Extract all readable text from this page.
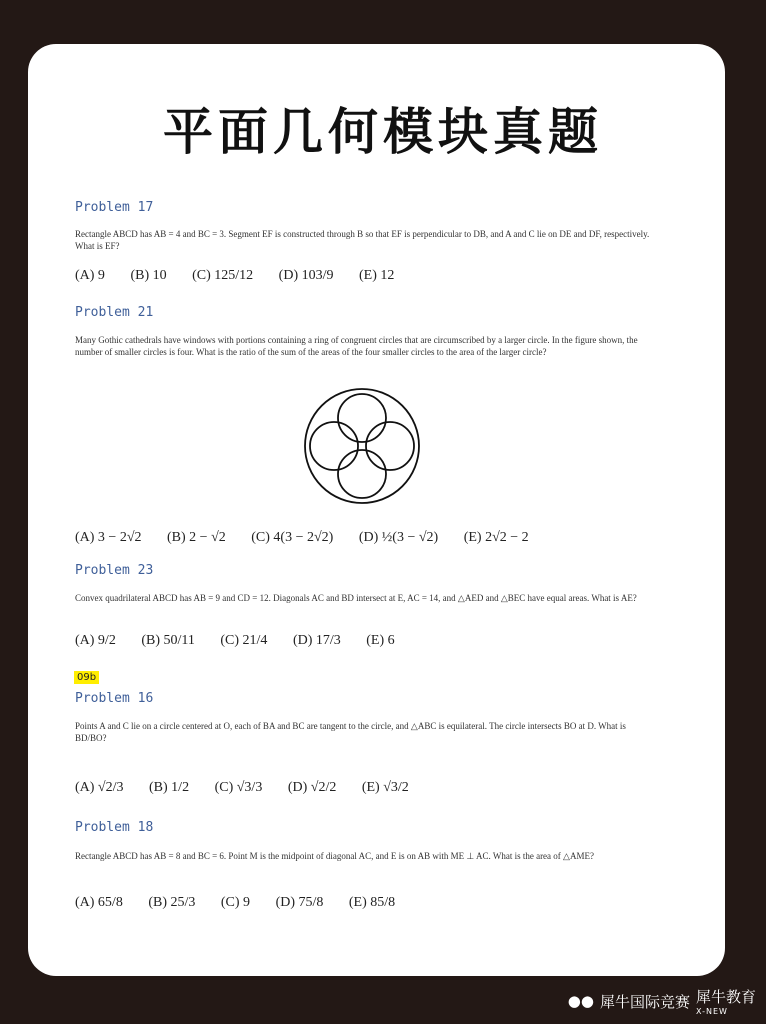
平面几何模块真题
Problem 17
Rectangle ABCD has AB = 4 and BC = 3. Segment EF is constructed through B so that EF is perpendicular to DB, and A and C lie on DE and DF, respectively. What is EF?
(A) 9 (B) 10 (C) 125/12 (D) 103/9 (E) 12
Problem 21
Many Gothic cathedrals have windows with portions containing a ring of congruent circles that are circumscribed by a larger circle. In the figure shown, the number of smaller circles is four. What is the ratio of the sum of the areas of the four smaller circles to the area of the larger circle?
(A) 3 − 2√2 (B) 2 − √2 (C) 4(3 − 2√2) (D) ½(3 − √2) (E) 2√2 − 2
Problem 23
Convex quadrilateral ABCD has AB = 9 and CD = 12. Diagonals AC and BD intersect at E, AC = 14, and △AED and △BEC have equal areas. What is AE?
(A) 9/2 (B) 50/11 (C) 21/4 (D) 17/3 (E) 6
09b
Problem 16
Points A and C lie on a circle centered at O, each of BA and BC are tangent to the circle, and △ABC is equilateral. The circle intersects BO at D. What is BD/BO?
(A) √2/3 (B) 1/2 (C) √3/3 (D) √2/2 (E) √3/2
Problem 18
Rectangle ABCD has AB = 8 and BC = 6. Point M is the midpoint of diagonal AC, and E is on AB with ME ⊥ AC. What is the area of △AME?
(A) 65/8 (B) 25/3 (C) 9 (D) 75/8 (E) 85/8
●● 犀牛国际竞赛 犀牛教育
X-NEW
